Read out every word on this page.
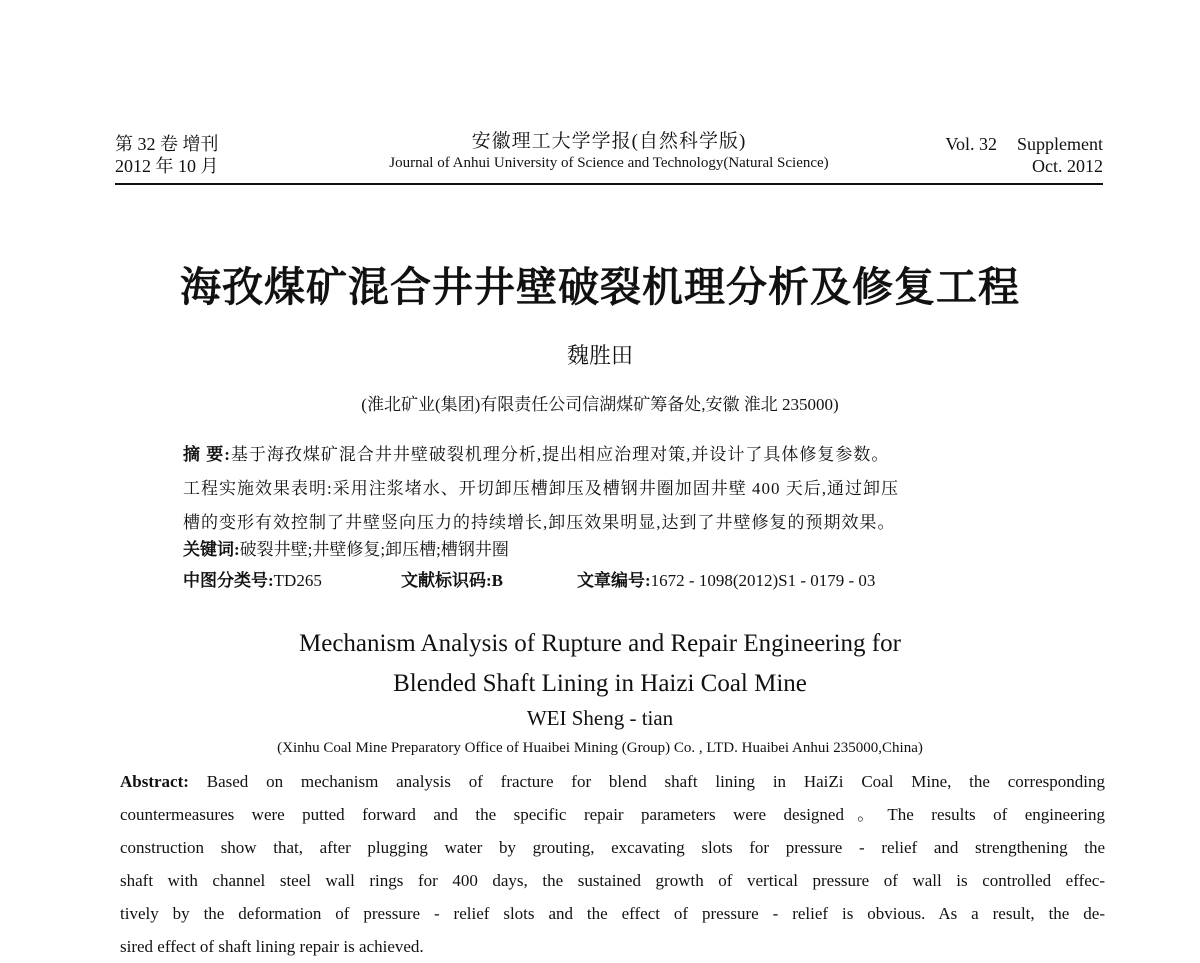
第 32 卷 增刊
2012 年 10 月
安徽理工大学学报(自然科学版)
Journal of Anhui University of Science and Technology(Natural Science)
Vol. 32 Supplement
Oct. 2012
海孜煤矿混合井井壁破裂机理分析及修复工程
魏胜田
(淮北矿业(集团)有限责任公司信湖煤矿筹备处,安徽 淮北 235000)
摘 要:基于海孜煤矿混合井井壁破裂机理分析,提出相应治理对策,并设计了具体修复参数。
工程实施效果表明:采用注浆堵水、开切卸压槽卸压及槽钢井圈加固井壁 400 天后,通过卸压
槽的变形有效控制了井壁竖向压力的持续增长,卸压效果明显,达到了井壁修复的预期效果。
关键词:破裂井壁;井壁修复;卸压槽;槽钢井圈
中图分类号:TD265	文献标识码:B	文章编号:1672 - 1098(2012)S1 - 0179 - 03
Mechanism Analysis of Rupture and Repair Engineering for
Blended Shaft Lining in Haizi Coal Mine
WEI Sheng - tian
(Xinhu Coal Mine Preparatory Office of Huaibei Mining (Group) Co. , LTD. Huaibei Anhui 235000,China)
Abstract: Based on mechanism analysis of fracture for blend shaft lining in HaiZi Coal Mine, the corresponding
countermeasures were putted forward and the specific repair parameters were designed。The results of engineering
construction show that, after plugging water by grouting, excavating slots for pressure - relief and strengthening the
shaft with channel steel wall rings for 400 days, the sustained growth of vertical pressure of wall is controlled effec-
tively by the deformation of pressure - relief slots and the effect of pressure - relief is obvious. As a result, the de-
sired effect of shaft lining repair is achieved.
